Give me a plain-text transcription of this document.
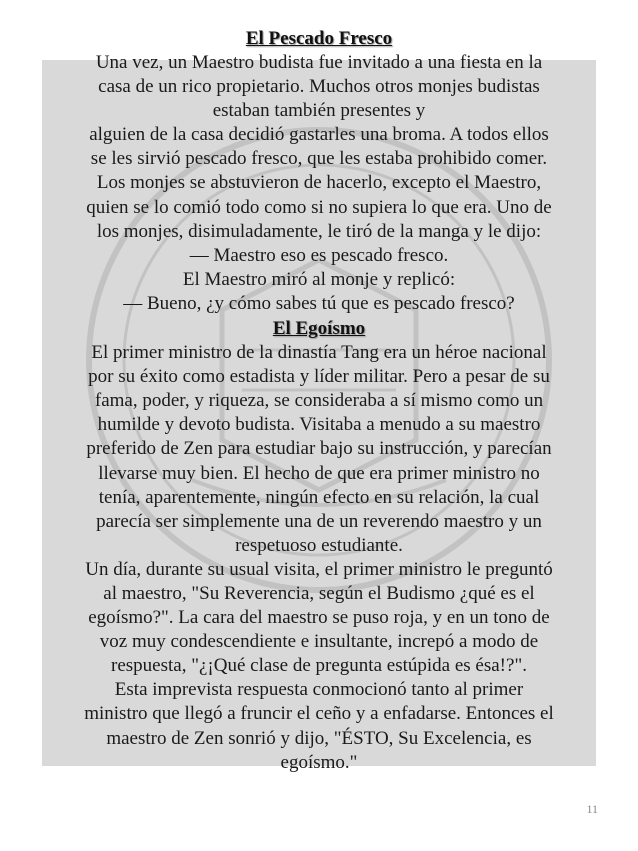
El Pescado Fresco
Una vez, un Maestro budista fue invitado a una fiesta en la
casa de un rico propietario. Muchos otros monjes budistas
estaban también presentes y
alguien de la casa decidió gastarles una broma. A todos ellos
se les sirvió pescado fresco, que les estaba prohibido comer.
Los monjes se abstuvieron de hacerlo, excepto el Maestro,
quien se lo comió todo como si no supiera lo que era. Uno de
los monjes, disimuladamente, le tiró de la manga y le dijo:
— Maestro eso es pescado fresco.
El Maestro miró al monje y replicó:
— Bueno, ¿y cómo sabes tú que es pescado fresco?
El Egoísmo
El primer ministro de la dinastía Tang era un héroe nacional
por su éxito como estadista y líder militar. Pero a pesar de su
fama, poder, y riqueza, se consideraba a sí mismo como un
humilde y devoto budista. Visitaba a menudo a su maestro
preferido de Zen para estudiar bajo su instrucción, y parecían
llevarse muy bien. El hecho de que era primer ministro no
tenía, aparentemente, ningún efecto en su relación, la cual
parecía ser simplemente una de un reverendo maestro y un
respetuoso estudiante.
Un día, durante su usual visita, el primer ministro le preguntó
al maestro, "Su Reverencia, según el Budismo ¿qué es el
egoísmo?". La cara del maestro se puso roja, y en un tono de
voz muy condescendiente e insultante, increpó a modo de
respuesta, "¿¡Qué clase de pregunta estúpida es ésa!?".
Esta imprevista respuesta conmocionó tanto al primer
ministro que llegó a fruncir el ceño y a enfadarse. Entonces el
maestro de Zen sonrió y dijo, "ÉSTO, Su Excelencia, es
egoísmo."
11
